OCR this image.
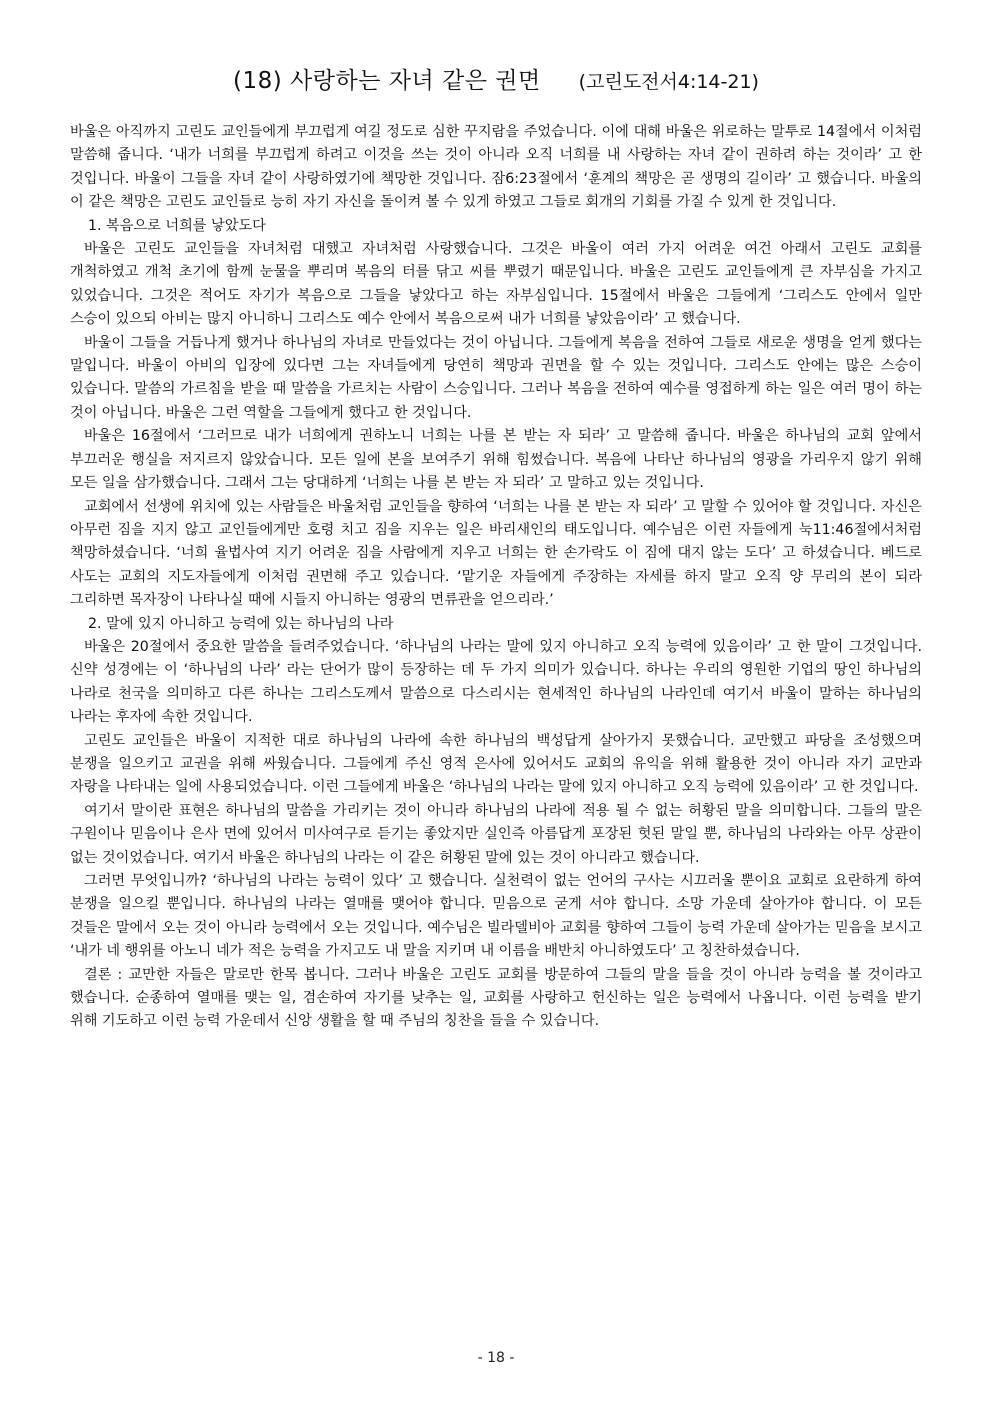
(18) 사랑하는 자녀 같은 권면 (고린도전서4:14-21)

바울은 아직까지 고린도 교인들에게 부끄럽게 여길 정도로 심한 꾸지람을 주었습니다. 이에 대해 바울은 위로하는 말투로 14절에서 이처럼 말씀해 줍니다. ‘내가 너희를 부끄럽게 하려고 이것을 쓰는 것이 아니라 오직 너희를 내 사랑하는 자녀 같이 권하려 하는 것이라’ 고 한 것입니다. 바울이 그들을 자녀 같이 사랑하였기에 책망한 것입니다. 잠6:23절에서 ‘훈계의 책망은 곧 생명의 길이라’ 고 했습니다. 바울의 이 같은 책망은 고린도 교인들로 능히 자기 자신을 돌이켜 볼 수 있게 하였고 그들로 회개의 기회를 가질 수 있게 한 것입니다.

1. 복음으로 너희를 낳았도다

바울은 고린도 교인들을 자녀처럼 대했고 자녀처럼 사랑했습니다. 그것은 바울이 여러 가지 어려운 여건 아래서 고린도 교회를 개척하였고 개척 초기에 함께 눈물을 뿌리며 복음의 터를 닦고 씨를 뿌렸기 때문입니다. 바울은 고린도 교인들에게 큰 자부심을 가지고 있었습니다. 그것은 적어도 자기가 복음으로 그들을 낳았다고 하는 자부심입니다. 15절에서 바울은 그들에게 ‘그리스도 안에서 일만 스승이 있으되 아비는 많지 아니하니 그리스도 예수 안에서 복음으로써 내가 너희를 낳았음이라’ 고 했습니다.

바울이 그들을 거듭나게 했거나 하나님의 자녀로 만들었다는 것이 아닙니다. 그들에게 복음을 전하여 그들로 새로운 생명을 얻게 했다는 말입니다. 바울이 아비의 입장에 있다면 그는 자녀들에게 당연히 책망과 권면을 할 수 있는 것입니다. 그리스도 안에는 많은 스승이 있습니다. 말씀의 가르침을 받을 때 말씀을 가르치는 사람이 스승입니다. 그러나 복음을 전하여 예수를 영접하게 하는 일은 여러 명이 하는 것이 아닙니다. 바울은 그런 역할을 그들에게 했다고 한 것입니다.

바울은 16절에서 ‘그러므로 내가 너희에게 권하노니 너희는 나를 본 받는 자 되라’ 고 말씀해 줍니다. 바울은 하나님의 교회 앞에서 부끄러운 행실을 저지르지 않았습니다. 모든 일에 본을 보여주기 위해 힘썼습니다. 복음에 나타난 하나님의 영광을 가리우지 않기 위해 모든 일을 삼가했습니다. 그래서 그는 당대하게 ‘너희는 나를 본 받는 자 되라’ 고 말하고 있는 것입니다.

교회에서 선생에 위치에 있는 사람들은 바울처럼 교인들을 향하여 ‘너희는 나를 본 받는 자 되라’ 고 말할 수 있어야 할 것입니다. 자신은 아무런 짐을 지지 않고 교인들에게만 호령 치고 짐을 지우는 일은 바리새인의 태도입니다. 예수님은 이런 자들에게 눅11:46절에서처럼 책망하셨습니다. ‘너희 율법사여 지기 어려운 짐을 사람에게 지우고 너희는 한 손가락도 이 짐에 대지 않는 도다’ 고 하셨습니다. 베드로 사도는 교회의 지도자들에게 이처럼 권면해 주고 있습니다. ‘맡기운 자들에게 주장하는 자세를 하지 말고 오직 양 무리의 본이 되라 그리하면 목자장이 나타나실 때에 시들지 아니하는 영광의 면류관을 얻으리라.’

2. 말에 있지 아니하고 능력에 있는 하나님의 나라

바울은 20절에서 중요한 말씀을 들려주었습니다. ‘하나님의 나라는 말에 있지 아니하고 오직 능력에 있음이라’ 고 한 말이 그것입니다. 신약 성경에는 이 ‘하나님의 나라’ 라는 단어가 많이 등장하는 데 두 가지 의미가 있습니다. 하나는 우리의 영원한 기업의 땅인 하나님의 나라로 천국을 의미하고 다른 하나는 그리스도께서 말씀으로 다스리시는 현세적인 하나님의 나라인데 여기서 바울이 말하는 하나님의 나라는 후자에 속한 것입니다.

고린도 교인들은 바울이 지적한 대로 하나님의 나라에 속한 하나님의 백성답게 살아가지 못했습니다. 교만했고 파당을 조성했으며 분쟁을 일으키고 교권을 위해 싸웠습니다. 그들에게 주신 영적 은사에 있어서도 교회의 유익을 위해 활용한 것이 아니라 자기 교만과 자랑을 나타내는 일에 사용되었습니다. 이런 그들에게 바울은 ‘하나님의 나라는 말에 있지 아니하고 오직 능력에 있음이라’ 고 한 것입니다.

여기서 말이란 표현은 하나님의 말씀을 가리키는 것이 아니라 하나님의 나라에 적용 될 수 없는 허황된 말을 의미합니다. 그들의 말은 구원이나 믿음이나 은사 면에 있어서 미사여구로 듣기는 좋았지만 실인즉 아름답게 포장된 헛된 말일 뿐, 하나님의 나라와는 아무 상관이 없는 것이었습니다. 여기서 바울은 하나님의 나라는 이 같은 허황된 말에 있는 것이 아니라고 했습니다.

그러면 무엇입니까? ‘하나님의 나라는 능력이 있다’ 고 했습니다. 실천력이 없는 언어의 구사는 시끄러울 뿐이요 교회로 요란하게 하여 분쟁을 일으킬 뿐입니다. 하나님의 나라는 열매를 맺어야 합니다. 믿음으로 굳게 서야 합니다. 소망 가운데 살아가야 합니다. 이 모든 것들은 말에서 오는 것이 아니라 능력에서 오는 것입니다. 예수님은 빌라델비아 교회를 향하여 그들이 능력 가운데 살아가는 믿음을 보시고 ‘내가 네 행위를 아노니 네가 적은 능력을 가지고도 내 말을 지키며 내 이름을 배반치 아니하였도다’ 고 칭찬하셨습니다.

결론 : 교만한 자들은 말로만 한목 봅니다. 그러나 바울은 고린도 교회를 방문하여 그들의 말을 들을 것이 아니라 능력을 볼 것이라고 했습니다. 순종하여 열매를 맺는 일, 겸손하여 자기를 낮추는 일, 교회를 사랑하고 헌신하는 일은 능력에서 나옵니다. 이런 능력을 받기 위해 기도하고 이런 능력 가운데서 신앙 생활을 할 때 주님의 칭찬을 들을 수 있습니다.

- 18 -
